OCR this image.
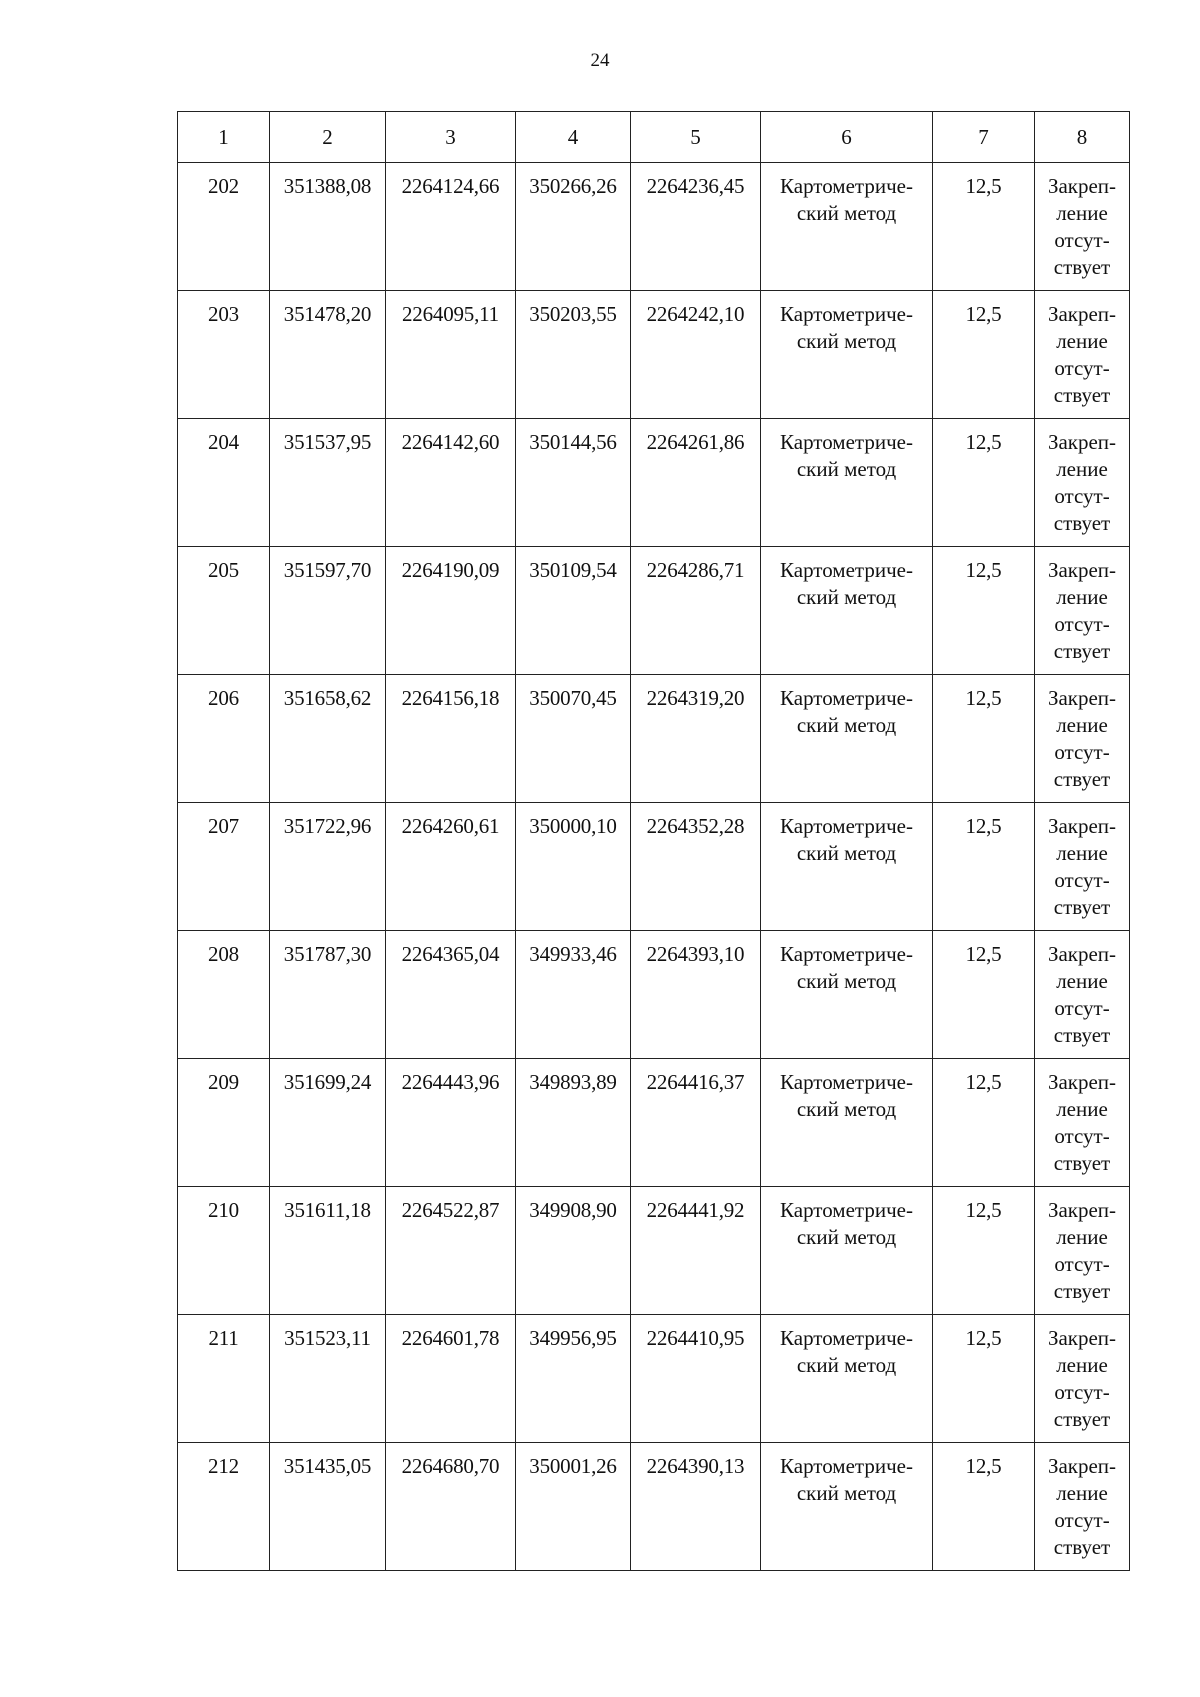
24
1	2	3	4	5	6	7	8
202	351388,08	2264124,66	350266,26	2264236,45	Картометриче-
ский метод	12,5	Закреп-
ление
отсут-
ствует

203	351478,20	2264095,11	350203,55	2264242,10	Картометриче-
ский метод	12,5	Закреп-
ление
отсут-
ствует

204	351537,95	2264142,60	350144,56	2264261,86	Картометриче-
ский метод	12,5	Закреп-
ление
отсут-
ствует

205	351597,70	2264190,09	350109,54	2264286,71	Картометриче-
ский метод	12,5	Закреп-
ление
отсут-
ствует

206	351658,62	2264156,18	350070,45	2264319,20	Картометриче-
ский метод	12,5	Закреп-
ление
отсут-
ствует

207	351722,96	2264260,61	350000,10	2264352,28	Картометриче-
ский метод	12,5	Закреп-
ление
отсут-
ствует

208	351787,30	2264365,04	349933,46	2264393,10	Картометриче-
ский метод	12,5	Закреп-
ление
отсут-
ствует

209	351699,24	2264443,96	349893,89	2264416,37	Картометриче-
ский метод	12,5	Закреп-
ление
отсут-
ствует

210	351611,18	2264522,87	349908,90	2264441,92	Картометриче-
ский метод	12,5	Закреп-
ление
отсут-
ствует

211	351523,11	2264601,78	349956,95	2264410,95	Картометриче-
ский метод	12,5	Закреп-
ление
отсут-
ствует

212	351435,05	2264680,70	350001,26	2264390,13	Картометриче-
ский метод	12,5	Закреп-
ление
отсут-
ствует
